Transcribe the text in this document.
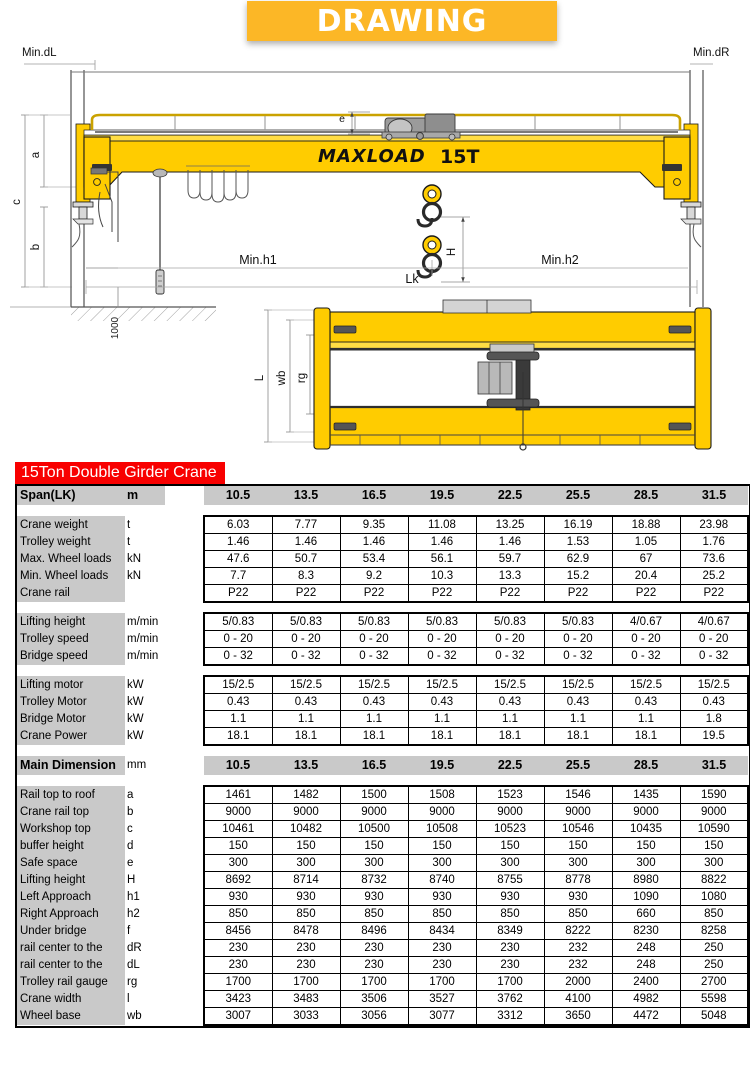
DRAWING
Min.dL	Min.dR
a
b
c
1000
MAXLOAD 15T
e
H
Min.h1	Min.h2
Lk
L wb rg
15Ton Double Girder Crane
Span(LK)	m		10.5	13.5	16.5	19.5	22.5	25.5	28.5	31.5

Crane weight	t		6.03	7.77	9.35	11.08	13.25	16.19	18.88	23.98
Trolley weight	t		1.46	1.46	1.46	1.46	1.46	1.53	1.05	1.76
Max. Wheel loads	kN		47.6	50.7	53.4	56.1	59.7	62.9	67	73.6
Min. Wheel loads	kN		7.7	8.3	9.2	10.3	13.3	15.2	20.4	25.2
Crane rail			P22	P22	P22	P22	P22	P22	P22	P22

Lifting height	m/min		5/0.83	5/0.83	5/0.83	5/0.83	5/0.83	5/0.83	4/0.67	4/0.67
Trolley speed	m/min		0 - 20	0 - 20	0 - 20	0 - 20	0 - 20	0 - 20	0 - 20	0 - 20
Bridge speed	m/min		0 - 32	0 - 32	0 - 32	0 - 32	0 - 32	0 - 32	0 - 32	0 - 32

Lifting motor	kW		15/2.5	15/2.5	15/2.5	15/2.5	15/2.5	15/2.5	15/2.5	15/2.5
Trolley Motor	kW		0.43	0.43	0.43	0.43	0.43	0.43	0.43	0.43
Bridge Motor	kW		1.1	1.1	1.1	1.1	1.1	1.1	1.1	1.8
Crane Power	kW		18.1	18.1	18.1	18.1	18.1	18.1	18.1	19.5

Main Dimension	mm		10.5	13.5	16.5	19.5	22.5	25.5	28.5	31.5

Rail top to roof	a		1461	1482	1500	1508	1523	1546	1435	1590
Crane rail top	b		9000	9000	9000	9000	9000	9000	9000	9000
Workshop top	c		10461	10482	10500	10508	10523	10546	10435	10590
buffer height	d		150	150	150	150	150	150	150	150
Safe space	e		300	300	300	300	300	300	300	300
Lifting height	H		8692	8714	8732	8740	8755	8778	8980	8822
Left Approach	h1		930	930	930	930	930	930	1090	1080
Right Approach	h2		850	850	850	850	850	850	660	850
Under bridge	f		8456	8478	8496	8434	8349	8222	8230	8258
rail center to the	dR		230	230	230	230	230	232	248	250
rail center to the	dL		230	230	230	230	230	232	248	250
Trolley rail gauge	rg		1700	1700	1700	1700	1700	2000	2400	2700
Crane width	l		3423	3483	3506	3527	3762	4100	4982	5598
Wheel base	wb		3007	3033	3056	3077	3312	3650	4472	5048
